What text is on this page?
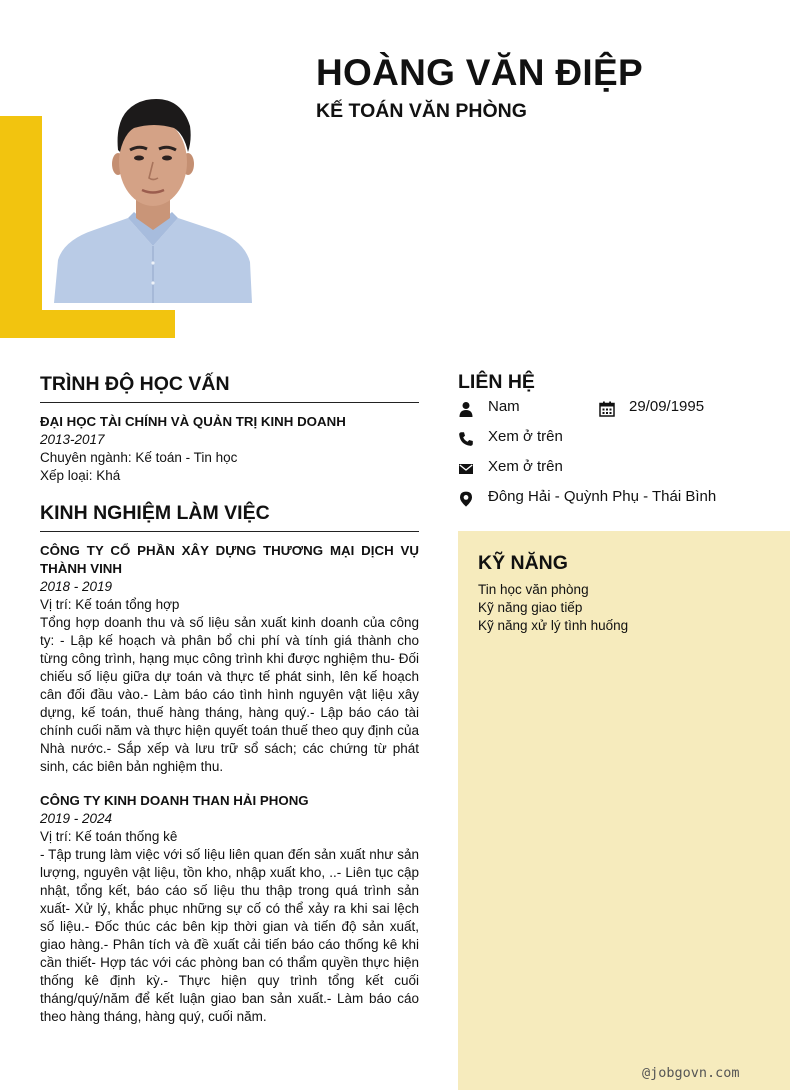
HOÀNG VĂN ĐIỆP
KẾ TOÁN VĂN PHÒNG
TRÌNH ĐỘ HỌC VẤN
ĐẠI HỌC TÀI CHÍNH VÀ QUẢN TRỊ KINH DOANH
2013-2017
Chuyên ngành: Kế toán - Tin học
Xếp loại: Khá
KINH NGHIỆM LÀM VIỆC
CÔNG TY CỔ PHẦN XÂY DỰNG THƯƠNG MẠI DỊCH VỤ THÀNH VINH
2018 - 2019
Vị trí: Kế toán tổng hợp
Tổng hợp doanh thu và số liệu sản xuất kinh doanh của công ty: - Lập kế hoạch và phân bổ chi phí và tính giá thành cho từng công trình, hạng mục công trình khi được nghiệm thu- Đối chiếu số liệu giữa dự toán và thực tế phát sinh, lên kế hoạch cân đối đầu vào.- Làm báo cáo tình hình nguyên vật liệu xây dựng, kế toán, thuế hàng tháng, hàng quý.- Lập báo cáo tài chính cuối năm và thực hiện quyết toán thuế theo quy định của Nhà nước.- Sắp xếp và lưu trữ sổ sách; các chứng từ phát sinh, các biên bản nghiệm thu.
CÔNG TY KINH DOANH THAN HẢI PHONG
2019 - 2024
Vị trí: Kế toán thống kê
- Tập trung làm việc với số liệu liên quan đến sản xuất như sản lượng, nguyên vật liệu, tồn kho, nhập xuất kho, ..- Liên tục cập nhật, tổng kết, báo cáo số liệu thu thập trong quá trình sản xuất- Xử lý, khắc phục những sự cố có thể xảy ra khi sai lệch số liệu.- Đốc thúc các bên kịp thời gian và tiến độ sản xuất, giao hàng.- Phân tích và đề xuất cải tiến báo cáo thống kê khi cần thiết- Hợp tác với các phòng ban có thẩm quyền thực hiện thống kê định kỳ.- Thực hiện quy trình tổng kết cuối tháng/quý/năm để kết luận giao ban sản xuất.- Làm báo cáo theo hàng tháng, hàng quý, cuối năm.
LIÊN HỆ
Nam	29/09/1995
Xem ở trên
Xem ở trên
Đông Hải - Quỳnh Phụ - Thái Bình
KỸ NĂNG
Tin học văn phòng
Kỹ năng giao tiếp
Kỹ năng xử lý tình huống
@jobgovn.com
